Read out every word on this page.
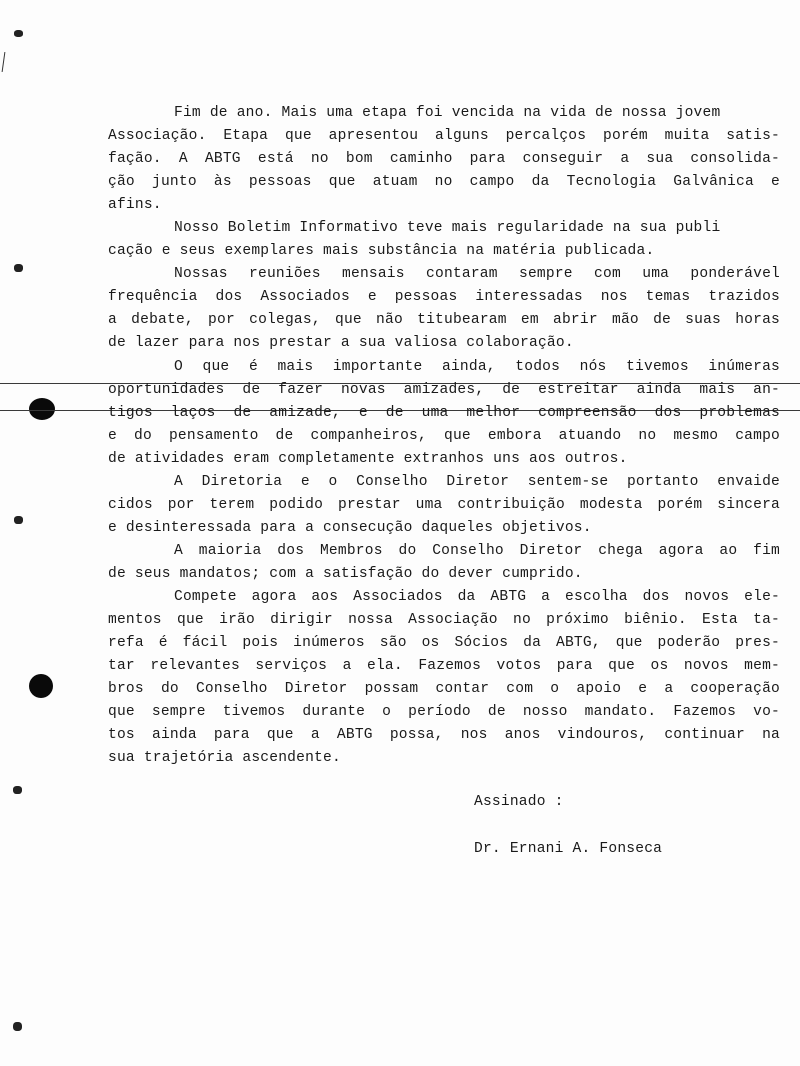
Fim de ano. Mais uma etapa foi vencida na vida de nossa jovem
Associação. Etapa que apresentou alguns percalços porém muita satis-
fação. A ABTG está no bom caminho para conseguir a sua consolida-
ção junto às pessoas que atuam no campo da Tecnologia Galvânica e
afins.
Nosso Boletim Informativo teve mais regularidade na sua publi
cação e seus exemplares mais substância na matéria publicada.
Nossas reuniões mensais contaram sempre com uma ponderável
frequência dos Associados e pessoas interessadas nos temas trazidos
a debate, por colegas, que não titubearam em abrir mão de suas horas
de lazer para nos prestar a sua valiosa colaboração.
O que é mais importante ainda, todos nós tivemos inúmeras
oportunidades de fazer novas amizades, de estreitar ainda mais an-
tigos laços de amizade, e de uma melhor compreensão dos problemas
e do pensamento de companheiros, que embora atuando no mesmo campo
de atividades eram completamente extranhos uns aos outros.
A Diretoria e o Conselho Diretor sentem-se portanto envaide
cidos por terem podido prestar uma contribuição modesta porém sincera
e desinteressada para a consecução daqueles objetivos.
A maioria dos Membros do Conselho Diretor chega agora ao fim
de seus mandatos; com a satisfação do dever cumprido.
Compete agora aos Associados da ABTG a escolha dos novos ele-
mentos que irão dirigir nossa Associação no próximo biênio. Esta ta-
refa é fácil pois inúmeros são os Sócios da ABTG, que poderão pres-
tar relevantes serviços a ela. Fazemos votos para que os novos mem-
bros do Conselho Diretor possam contar com o apoio e a cooperação
que sempre tivemos durante o período de nosso mandato. Fazemos vo-
tos ainda para que a ABTG possa, nos anos vindouros, continuar na
sua trajetória ascendente.
Assinado :
Dr. Ernani A. Fonseca
